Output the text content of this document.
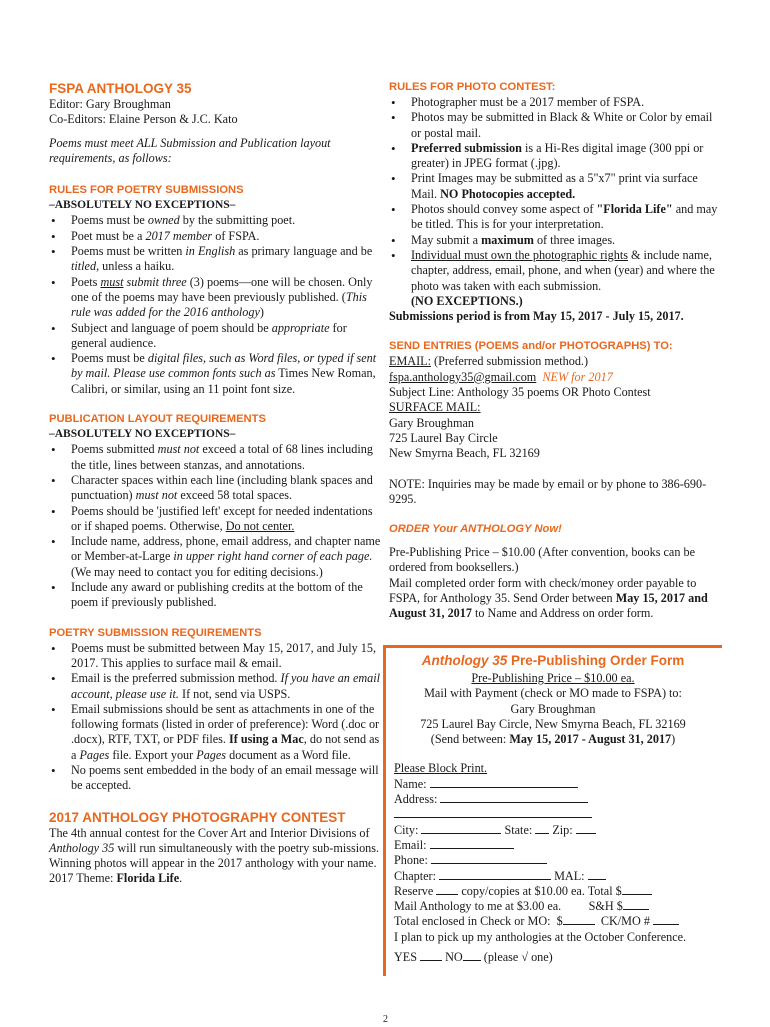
FSPA ANTHOLOGY 35

Editor: Gary Broughman

Co-Editors: Elaine Person & J.C. Kato

Poems must meet ALL Submission and Publication layout requirements, as follows:

RULES FOR POETRY SUBMISSIONS

–ABSOLUTELY NO EXCEPTIONS–

• Poems must be owned by the submitting poet.
• Poet must be a 2017 member of FSPA.
• Poems must be written in English as primary language and be titled, unless a haiku.
• Poets must submit three (3) poems—one will be chosen. Only one of the poems may have been previously published. (This rule was added for the 2016 anthology)
• Subject and language of poem should be appropriate for general audience.
• Poems must be digital files, such as Word files, or typed if sent by mail. Please use common fonts such as Times New Roman, Calibri, or similar, using an 11 point font size.

PUBLICATION LAYOUT REQUIREMENTS

–ABSOLUTELY NO EXCEPTIONS–

• Poems submitted must not exceed a total of 68 lines including the title, lines between stanzas, and annotations.
• Character spaces within each line (including blank spaces and punctuation) must not exceed 58 total spaces.
• Poems should be 'justified left' except for needed indentations or if shaped poems. Otherwise, Do not center.
• Include name, address, phone, email address, and chapter name or Member-at-Large in upper right hand corner of each page. (We may need to contact you for editing decisions.)
• Include any award or publishing credits at the bottom of the poem if previously published.

POETRY SUBMISSION REQUIREMENTS

• Poems must be submitted between May 15, 2017, and July 15, 2017. This applies to surface mail & email.
• Email is the preferred submission method. If you have an email account, please use it. If not, send via USPS.
• Email submissions should be sent as attachments in one of the following formats (listed in order of preference): Word (.doc or .docx), RTF, TXT, or PDF files. If using a Mac, do not send as a Pages file. Export your Pages document as a Word file.
• No poems sent embedded in the body of an email message will be accepted.

2017 ANTHOLOGY PHOTOGRAPHY CONTEST

The 4th annual contest for the Cover Art and Interior Divisions of Anthology 35 will run simultaneously with the poetry sub-missions. Winning photos will appear in the 2017 anthology with your name.

2017 Theme: Florida Life.

RULES FOR PHOTO CONTEST:

• Photographer must be a 2017 member of FSPA.
• Photos may be submitted in Black & White or Color by email or postal mail.
• Preferred submission is a Hi-Res digital image (300 ppi or greater) in JPEG format (.jpg).
• Print Images may be submitted as a 5"x7" print via surface Mail. NO Photocopies accepted.
• Photos should convey some aspect of "Florida Life" and may be titled. This is for your interpretation.
• May submit a maximum of three images.
• Individual must own the photographic rights & include name, chapter, address, email, phone, and when (year) and where the photo was taken with each submission.
(NO EXCEPTIONS.)

Submissions period is from May 15, 2017 - July 15, 2017.

SEND ENTRIES (POEMS and/or PHOTOGRAPHS) TO:

EMAIL: (Preferred submission method.)

fspa.anthology35@gmail.com NEW for 2017

Subject Line: Anthology 35 poems OR Photo Contest

SURFACE MAIL:

Gary Broughman

725 Laurel Bay Circle

New Smyrna Beach, FL 32169

NOTE: Inquiries may be made by email or by phone to 386-690-9295.

ORDER Your ANTHOLOGY Now!

Pre-Publishing Price – $10.00 (After convention, books can be ordered from booksellers.)

Mail completed order form with check/money order payable to FSPA, for Anthology 35. Send Order between May 15, 2017 and August 31, 2017 to Name and Address on order form.

Anthology 35 Pre-Publishing Order Form

Pre-Publishing Price – $10.00 ea.

Mail with Payment (check or MO made to FSPA) to:

Gary Broughman

725 Laurel Bay Circle, New Smyrna Beach, FL 32169

(Send between: May 15, 2017 - August 31, 2017)

Please Block Print.

Name:

Address:

City:	State: Zip:

Email:

Phone:

Chapter:	MAL:

Reserve copy/copies at $10.00 ea. Total $

Mail Anthology to me at $3.00 ea. S&H $

Total enclosed in Check or MO: $	CK/MO #

I plan to pick up my anthologies at the October Conference.

YES NO (please √ one)

2
